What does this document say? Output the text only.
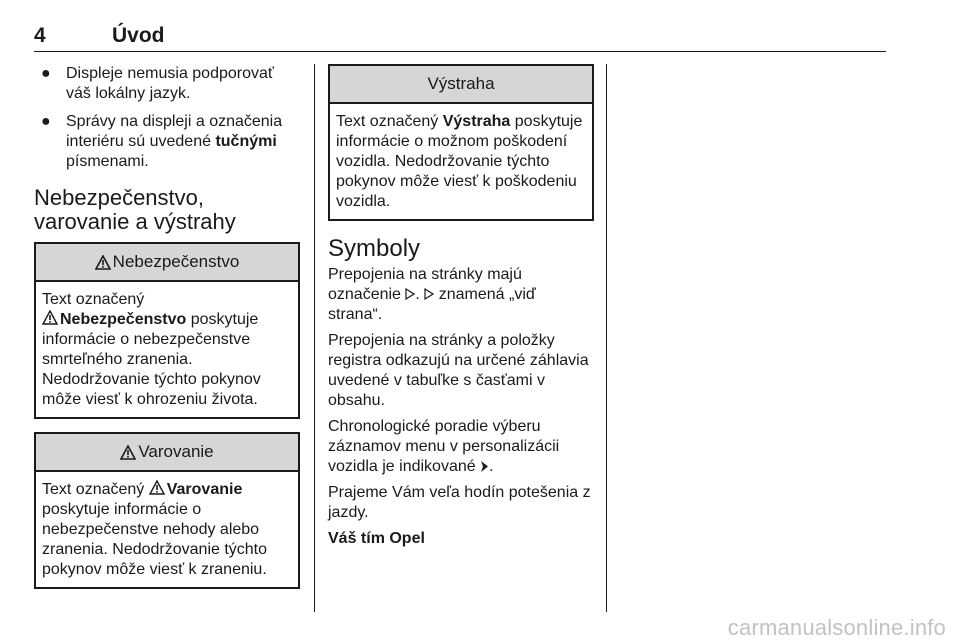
4	Úvod
● Displeje nemusia podporovať váš lokálny jazyk.
● Správy na displeji a označenia interiéru sú uvedené tučnými písmenami.
Nebezpečenstvo, varovanie a výstrahy
Nebezpečenstvo
Text označený
Nebezpečenstvo poskytuje informácie o nebezpečenstve smrteľného zranenia. Nedodržovanie týchto pokynov môže viesť k ohrozeniu života.
Varovanie
Text označený Varovanie poskytuje informácie o nebezpečenstve nehody alebo zranenia. Nedodržovanie týchto pokynov môže viesť k zraneniu.
Výstraha
Text označený Výstraha poskytuje informácie o možnom poškodení vozidla. Nedodržovanie týchto pokynov môže viesť k poškodeniu vozidla.
Symboly

Prepojenia na stránky majú označenie .  znamená „viď strana“.

Prepojenia na stránky a položky registra odkazujú na určené záhlavia uvedené v tabuľke s časťami v obsahu.

Chronologické poradie výberu záznamov menu v personalizácii vozidla je indikované .

Prajeme Vám veľa hodín potešenia z jazdy.

Váš tím Opel

carmanualsonline.info
